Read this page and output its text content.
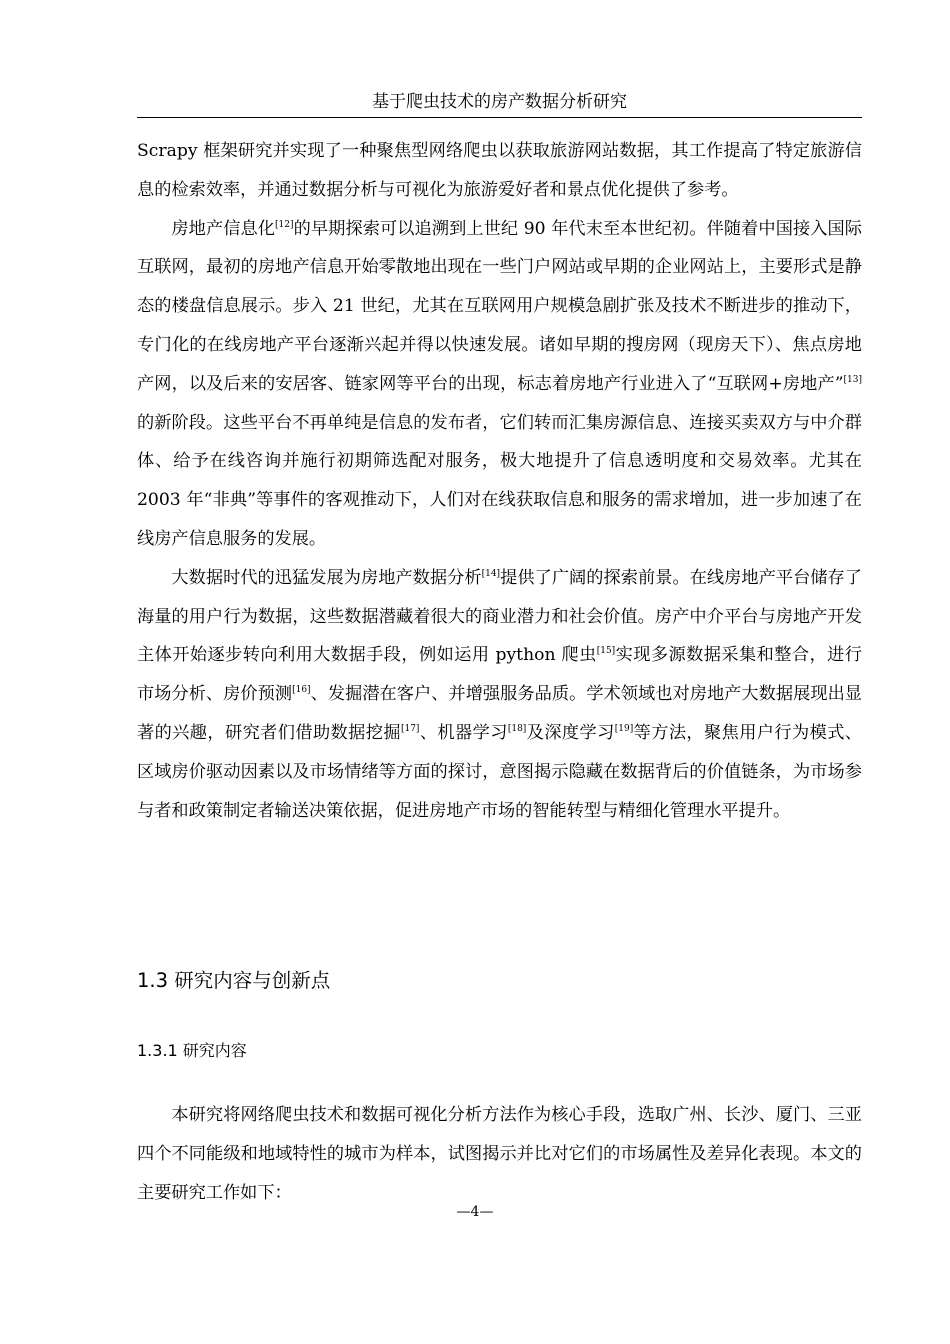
基于爬虫技术的房产数据分析研究

Scrapy 框架研究并实现了一种聚焦型网络爬虫以获取旅游网站数据，其工作提高了特定旅游信息的检索效率，并通过数据分析与可视化为旅游爱好者和景点优化提供了参考。

房地产信息化[12]的早期探索可以追溯到上世纪 90 年代末至本世纪初。伴随着中国接入国际互联网，最初的房地产信息开始零散地出现在一些门户网站或早期的企业网站上，主要形式是静态的楼盘信息展示。步入 21 世纪，尤其在互联网用户规模急剧扩张及技术不断进步的推动下，专门化的在线房地产平台逐渐兴起并得以快速发展。诸如早期的搜房网（现房天下）、焦点房地产网，以及后来的安居客、链家网等平台的出现，标志着房地产行业进入了“互联网+房地产”[13]的新阶段。这些平台不再单纯是信息的发布者，它们转而汇集房源信息、连接买卖双方与中介群体、给予在线咨询并施行初期筛选配对服务，极大地提升了信息透明度和交易效率。尤其在 2003 年“非典”等事件的客观推动下，人们对在线获取信息和服务的需求增加，进一步加速了在线房产信息服务的发展。

大数据时代的迅猛发展为房地产数据分析[14]提供了广阔的探索前景。在线房地产平台储存了海量的用户行为数据，这些数据潜藏着很大的商业潜力和社会价值。房产中介平台与房地产开发主体开始逐步转向利用大数据手段，例如运用 python 爬虫[15]实现多源数据采集和整合，进行市场分析、房价预测[16]、发掘潜在客户、并增强服务品质。学术领域也对房地产大数据展现出显著的兴趣，研究者们借助数据挖掘[17]、机器学习[18]及深度学习[19]等方法，聚焦用户行为模式、区域房价驱动因素以及市场情绪等方面的探讨，意图揭示隐藏在数据背后的价值链条，为市场参与者和政策制定者输送决策依据，促进房地产市场的智能转型与精细化管理水平提升。

1.3 研究内容与创新点
1.3.1 研究内容

本研究将网络爬虫技术和数据可视化分析方法作为核心手段，选取广州、长沙、厦门、三亚四个不同能级和地域特性的城市为样本，试图揭示并比对它们的市场属性及差异化表现。本文的主要研究工作如下：

—4—
